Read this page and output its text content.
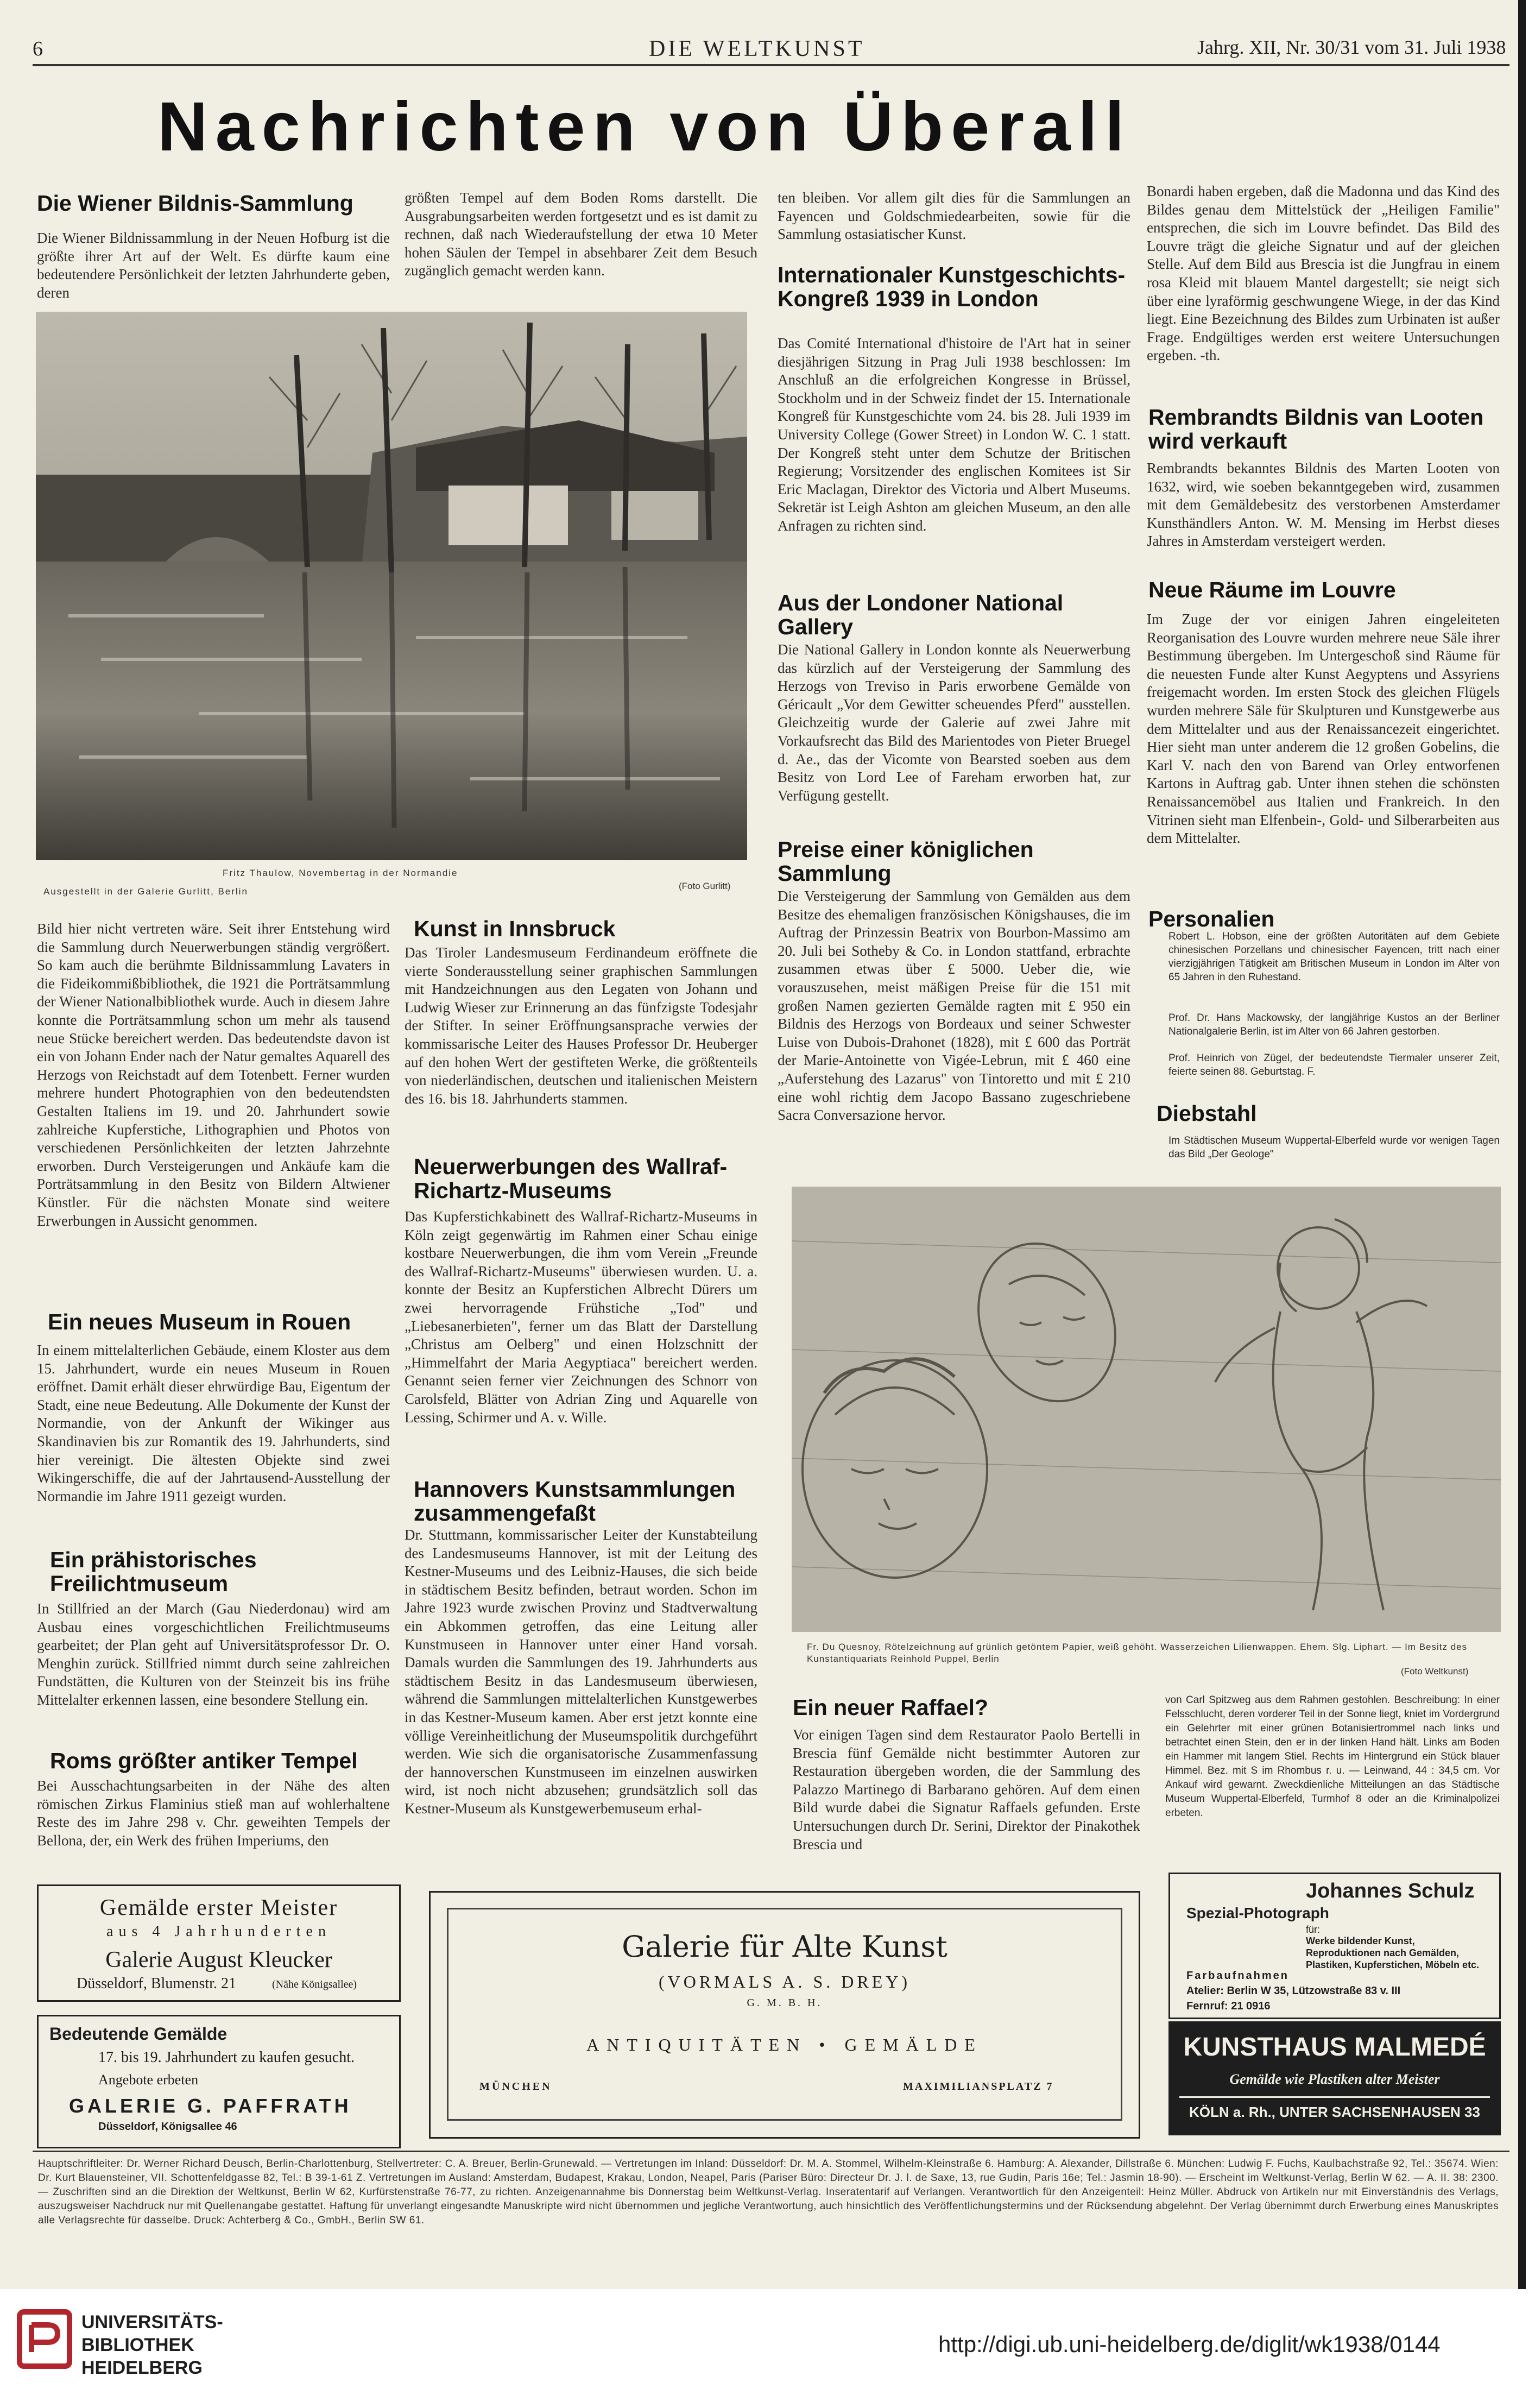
6	DIE WELTKUNST	Jahrg. XII, Nr. 30/31 vom 31. Juli 1938
Nachrichten von Überall
Die Wiener Bildnis-Sammlung
Die Wiener Bildnissammlung in der Neuen Hofburg ist die größte ihrer Art auf der Welt. Es dürfte kaum eine bedeutendere Persönlichkeit der letzten Jahrhunderte geben, deren
größten Tempel auf dem Boden Roms darstellt. Die Ausgrabungsarbeiten werden fortgesetzt und es ist damit zu rechnen, daß nach Wiederaufstellung der etwa 10 Meter hohen Säulen der Tempel in absehbarer Zeit dem Besuch zugänglich gemacht werden kann.
ten bleiben. Vor allem gilt dies für die Sammlungen an Fayencen und Goldschmiedearbeiten, sowie für die Sammlung ostasiatischer Kunst.
Fritz Thaulow, Novembertag in der Normandie
Ausgestellt in der Galerie Gurlitt, Berlin
(Foto Gurlitt)
Bild hier nicht vertreten wäre. Seit ihrer Entstehung wird die Sammlung durch Neuerwerbungen ständig vergrößert. So kam auch die berühmte Bildnissammlung Lavaters in die Fideikommißbibliothek, die 1921 die Porträtsammlung der Wiener Nationalbibliothek wurde. Auch in diesem Jahre konnte die Porträtsammlung schon um mehr als tausend neue Stücke bereichert werden. Das bedeutendste davon ist ein von Johann Ender nach der Natur gemaltes Aquarell des Herzogs von Reichstadt auf dem Totenbett. Ferner wurden mehrere hundert Photographien von den bedeutendsten Gestalten Italiens im 19. und 20. Jahrhundert sowie zahlreiche Kupferstiche, Lithographien und Photos von verschiedenen Persönlichkeiten der letzten Jahrzehnte erworben. Durch Versteigerungen und Ankäufe kam die Porträtsammlung in den Besitz von Bildern Altwiener Künstler. Für die nächsten Monate sind weitere Erwerbungen in Aussicht genommen.
Ein neues Museum in Rouen
In einem mittelalterlichen Gebäude, einem Kloster aus dem 15. Jahrhundert, wurde ein neues Museum in Rouen eröffnet. Damit erhält dieser ehrwürdige Bau, Eigentum der Stadt, eine neue Bedeutung. Alle Dokumente der Kunst der Normandie, von der Ankunft der Wikinger aus Skandinavien bis zur Romantik des 19. Jahrhunderts, sind hier vereinigt. Die ältesten Objekte sind zwei Wikingerschiffe, die auf der Jahrtausend-Ausstellung der Normandie im Jahre 1911 gezeigt wurden.
Ein prähistorisches Freilichtmuseum
In Stillfried an der March (Gau Niederdonau) wird am Ausbau eines vorgeschichtlichen Freilichtmuseums gearbeitet; der Plan geht auf Universitätsprofessor Dr. O. Menghin zurück. Stillfried nimmt durch seine zahlreichen Fundstätten, die Kulturen von der Steinzeit bis ins frühe Mittelalter erkennen lassen, eine besondere Stellung ein.
Roms größter antiker Tempel
Bei Ausschachtungsarbeiten in der Nähe des alten römischen Zirkus Flaminius stieß man auf wohlerhaltene Reste des im Jahre 298 v. Chr. geweihten Tempels der Bellona, der, ein Werk des frühen Imperiums, den
Kunst in Innsbruck
Das Tiroler Landesmuseum Ferdinandeum eröffnete die vierte Sonderausstellung seiner graphischen Sammlungen mit Handzeichnungen aus den Legaten von Johann und Ludwig Wieser zur Erinnerung an das fünfzigste Todesjahr der Stifter. In seiner Eröffnungsansprache verwies der kommissarische Leiter des Hauses Professor Dr. Heuberger auf den hohen Wert der gestifteten Werke, die größtenteils von niederländischen, deutschen und italienischen Meistern des 16. bis 18. Jahrhunderts stammen.
Neuerwerbungen des Wallraf-Richartz-Museums
Das Kupferstichkabinett des Wallraf-Richartz-Museums in Köln zeigt gegenwärtig im Rahmen einer Schau einige kostbare Neuerwerbungen, die ihm vom Verein „Freunde des Wallraf-Richartz-Museums" überwiesen wurden. U. a. konnte der Besitz an Kupferstichen Albrecht Dürers um zwei hervorragende Frühstiche „Tod" und „Liebesanerbieten", ferner um das Blatt der Darstellung „Christus am Oelberg" und einen Holzschnitt der „Himmelfahrt der Maria Aegyptiaca" bereichert werden. Genannt seien ferner vier Zeichnungen des Schnorr von Carolsfeld, Blätter von Adrian Zing und Aquarelle von Lessing, Schirmer und A. v. Wille.
Hannovers Kunstsammlungen zusammengefaßt
Dr. Stuttmann, kommissarischer Leiter der Kunstabteilung des Landesmuseums Hannover, ist mit der Leitung des Kestner-Museums und des Leibniz-Hauses, die sich beide in städtischem Besitz befinden, betraut worden. Schon im Jahre 1923 wurde zwischen Provinz und Stadtverwaltung ein Abkommen getroffen, das eine Leitung aller Kunstmuseen in Hannover unter einer Hand vorsah. Damals wurden die Sammlungen des 19. Jahrhunderts aus städtischem Besitz in das Landesmuseum überwiesen, während die Sammlungen mittelalterlichen Kunstgewerbes in das Kestner-Museum kamen. Aber erst jetzt konnte eine völlige Vereinheitlichung der Museumspolitik durchgeführt werden. Wie sich die organisatorische Zusammenfassung der hannoverschen Kunstmuseen im einzelnen auswirken wird, ist noch nicht abzusehen; grundsätzlich soll das Kestner-Museum als Kunstgewerbemuseum erhal-
Internationaler Kunstgeschichts-Kongreß 1939 in London
Das Comité International d'histoire de l'Art hat in seiner diesjährigen Sitzung in Prag Juli 1938 beschlossen: Im Anschluß an die erfolgreichen Kongresse in Brüssel, Stockholm und in der Schweiz findet der 15. Internationale Kongreß für Kunstgeschichte vom 24. bis 28. Juli 1939 im University College (Gower Street) in London W. C. 1 statt. Der Kongreß steht unter dem Schutze der Britischen Regierung; Vorsitzender des englischen Komitees ist Sir Eric Maclagan, Direktor des Victoria und Albert Museums. Sekretär ist Leigh Ashton am gleichen Museum, an den alle Anfragen zu richten sind.
Aus der Londoner National Gallery
Die National Gallery in London konnte als Neuerwerbung das kürzlich auf der Versteigerung der Sammlung des Herzogs von Treviso in Paris erworbene Gemälde von Géricault „Vor dem Gewitter scheuendes Pferd" ausstellen. Gleichzeitig wurde der Galerie auf zwei Jahre mit Vorkaufsrecht das Bild des Marientodes von Pieter Bruegel d. Ae., das der Vicomte von Bearsted soeben aus dem Besitz von Lord Lee of Fareham erworben hat, zur Verfügung gestellt.
Preise einer königlichen Sammlung
Die Versteigerung der Sammlung von Gemälden aus dem Besitze des ehemaligen französischen Königshauses, die im Auftrag der Prinzessin Beatrix von Bourbon-Massimo am 20. Juli bei Sotheby & Co. in London stattfand, erbrachte zusammen etwas über £ 5000. Ueber die, wie vorauszusehen, meist mäßigen Preise für die 151 mit großen Namen gezierten Gemälde ragten mit £ 950 ein Bildnis des Herzogs von Bordeaux und seiner Schwester Luise von Dubois-Drahonet (1828), mit £ 600 das Porträt der Marie-Antoinette von Vigée-Lebrun, mit £ 460 eine „Auferstehung des Lazarus" von Tintoretto und mit £ 210 eine wohl richtig dem Jacopo Bassano zugeschriebene Sacra Conversazione hervor.
Bonardi haben ergeben, daß die Madonna und das Kind des Bildes genau dem Mittelstück der „Heiligen Familie" entsprechen, die sich im Louvre befindet. Das Bild des Louvre trägt die gleiche Signatur und auf der gleichen Stelle. Auf dem Bild aus Brescia ist die Jungfrau in einem rosa Kleid mit blauem Mantel dargestellt; sie neigt sich über eine lyraförmig geschwungene Wiege, in der das Kind liegt. Eine Bezeichnung des Bildes zum Urbinaten ist außer Frage. Endgültiges werden erst weitere Untersuchungen ergeben. -th.
Rembrandts Bildnis van Looten wird verkauft
Rembrandts bekanntes Bildnis des Marten Looten von 1632, wird, wie soeben bekanntgegeben wird, zusammen mit dem Gemäldebesitz des verstorbenen Amsterdamer Kunsthändlers Anton. W. M. Mensing im Herbst dieses Jahres in Amsterdam versteigert werden.
Neue Räume im Louvre
Im Zuge der vor einigen Jahren eingeleiteten Reorganisation des Louvre wurden mehrere neue Säle ihrer Bestimmung übergeben. Im Untergeschoß sind Räume für die neuesten Funde alter Kunst Aegyptens und Assyriens freigemacht worden. Im ersten Stock des gleichen Flügels wurden mehrere Säle für Skulpturen und Kunstgewerbe aus dem Mittelalter und aus der Renaissancezeit eingerichtet. Hier sieht man unter anderem die 12 großen Gobelins, die Karl V. nach den von Barend van Orley entworfenen Kartons in Auftrag gab. Unter ihnen stehen die schönsten Renaissancemöbel aus Italien und Frankreich. In den Vitrinen sieht man Elfenbein-, Gold- und Silberarbeiten aus dem Mittelalter.
Personalien
Robert L. Hobson, eine der größten Autoritäten auf dem Gebiete chinesischen Porzellans und chinesischer Fayencen, tritt nach einer vierzigjährigen Tätigkeit am Britischen Museum in London im Alter von 65 Jahren in den Ruhestand.
Prof. Dr. Hans Mackowsky, der langjährige Kustos an der Berliner Nationalgalerie Berlin, ist im Alter von 66 Jahren gestorben.
Prof. Heinrich von Zügel, der bedeutendste Tiermaler unserer Zeit, feierte seinen 88. Geburtstag. F.
Diebstahl
Im Städtischen Museum Wuppertal-Elberfeld wurde vor wenigen Tagen das Bild „Der Geologe"
Fr. Du Quesnoy, Rötelzeichnung auf grünlich getöntem Papier, weiß gehöht. Wasserzeichen Lilienwappen. Ehem. Slg. Liphart. — Im Besitz des Kunstantiquariats Reinhold Puppel, Berlin
(Foto Weltkunst)
Ein neuer Raffael?
Vor einigen Tagen sind dem Restaurator Paolo Bertelli in Brescia fünf Gemälde nicht bestimmter Autoren zur Restauration übergeben worden, die der Sammlung des Palazzo Martinego di Barbarano gehören. Auf dem einen Bild wurde dabei die Signatur Raffaels gefunden. Erste Untersuchungen durch Dr. Serini, Direktor der Pinakothek Brescia und
von Carl Spitzweg aus dem Rahmen gestohlen. Beschreibung: In einer Felsschlucht, deren vorderer Teil in der Sonne liegt, kniet im Vordergrund ein Gelehrter mit einer grünen Botanisiertrommel nach links und betrachtet einen Stein, den er in der linken Hand hält. Links am Boden ein Hammer mit langem Stiel. Rechts im Hintergrund ein Stück blauer Himmel. Bez. mit S im Rhombus r. u. — Leinwand, 44 : 34,5 cm. Vor Ankauf wird gewarnt. Zweckdienliche Mitteilungen an das Städtische Museum Wuppertal-Elberfeld, Turmhof 8 oder an die Kriminalpolizei erbeten.
Gemälde erster Meister
aus 4 Jahrhunderten
Galerie August Kleucker
Düsseldorf, Blumenstr. 21	(Nähe Königsallee)
Bedeutende Gemälde
17. bis 19. Jahrhundert zu kaufen gesucht.
Angebote erbeten
GALERIE G. PAFFRATH
Düsseldorf, Königsallee 46
Galerie für Alte Kunst
(VORMALS A. S. DREY)
G. M. B. H.
ANTIQUITÄTEN • GEMÄLDE
MÜNCHEN	MAXIMILIANSPLATZ 7
Johannes Schulz
Spezial-Photograph
für:
Werke bildender Kunst, Reproduktionen nach Gemälden, Plastiken, Kupferstichen, Möbeln etc.
Farbaufnahmen
Atelier: Berlin W 35, Lützowstraße 83 v. III
Fernruf: 21 0916
KUNSTHAUS MALMEDÉ
Gemälde wie Plastiken alter Meister
KÖLN a. Rh., UNTER SACHSENHAUSEN 33
Hauptschriftleiter: Dr. Werner Richard Deusch, Berlin-Charlottenburg, Stellvertreter: C. A. Breuer, Berlin-Grunewald. — Vertretungen im Inland: Düsseldorf: Dr. M. A. Stommel, Wilhelm-Kleinstraße 6. Hamburg: A. Alexander, Dillstraße 6. München: Ludwig F. Fuchs, Kaulbachstraße 92, Tel.: 35674. Wien: Dr. Kurt Blauensteiner, VII. Schottenfeldgasse 82, Tel.: B 39-1-61 Z. Vertretungen im Ausland: Amsterdam, Budapest, Krakau, London, Neapel, Paris (Pariser Büro: Directeur Dr. J. l. de Saxe, 13, rue Gudin, Paris 16e; Tel.: Jasmin 18-90). — Erscheint im Weltkunst-Verlag, Berlin W 62. — A. II. 38: 2300. — Zuschriften sind an die Direktion der Weltkunst, Berlin W 62, Kurfürstenstraße 76-77, zu richten. Anzeigenannahme bis Donnerstag beim Weltkunst-Verlag. Inseratentarif auf Verlangen. Verantwortlich für den Anzeigenteil: Heinz Müller. Abdruck von Artikeln nur mit Einverständnis des Verlags, auszugsweiser Nachdruck nur mit Quellenangabe gestattet. Haftung für unverlangt eingesandte Manuskripte wird nicht übernommen und jegliche Verantwortung, auch hinsichtlich des Veröffentlichungstermins und der Rücksendung abgelehnt. Der Verlag übernimmt durch Erwerbung eines Manuskriptes alle Verlagsrechte für dasselbe. Druck: Achterberg & Co., GmbH., Berlin SW 61.
UNIVERSITÄTS-
BIBLIOTHEK
HEIDELBERG
http://digi.ub.uni-heidelberg.de/diglit/wk1938/0144
